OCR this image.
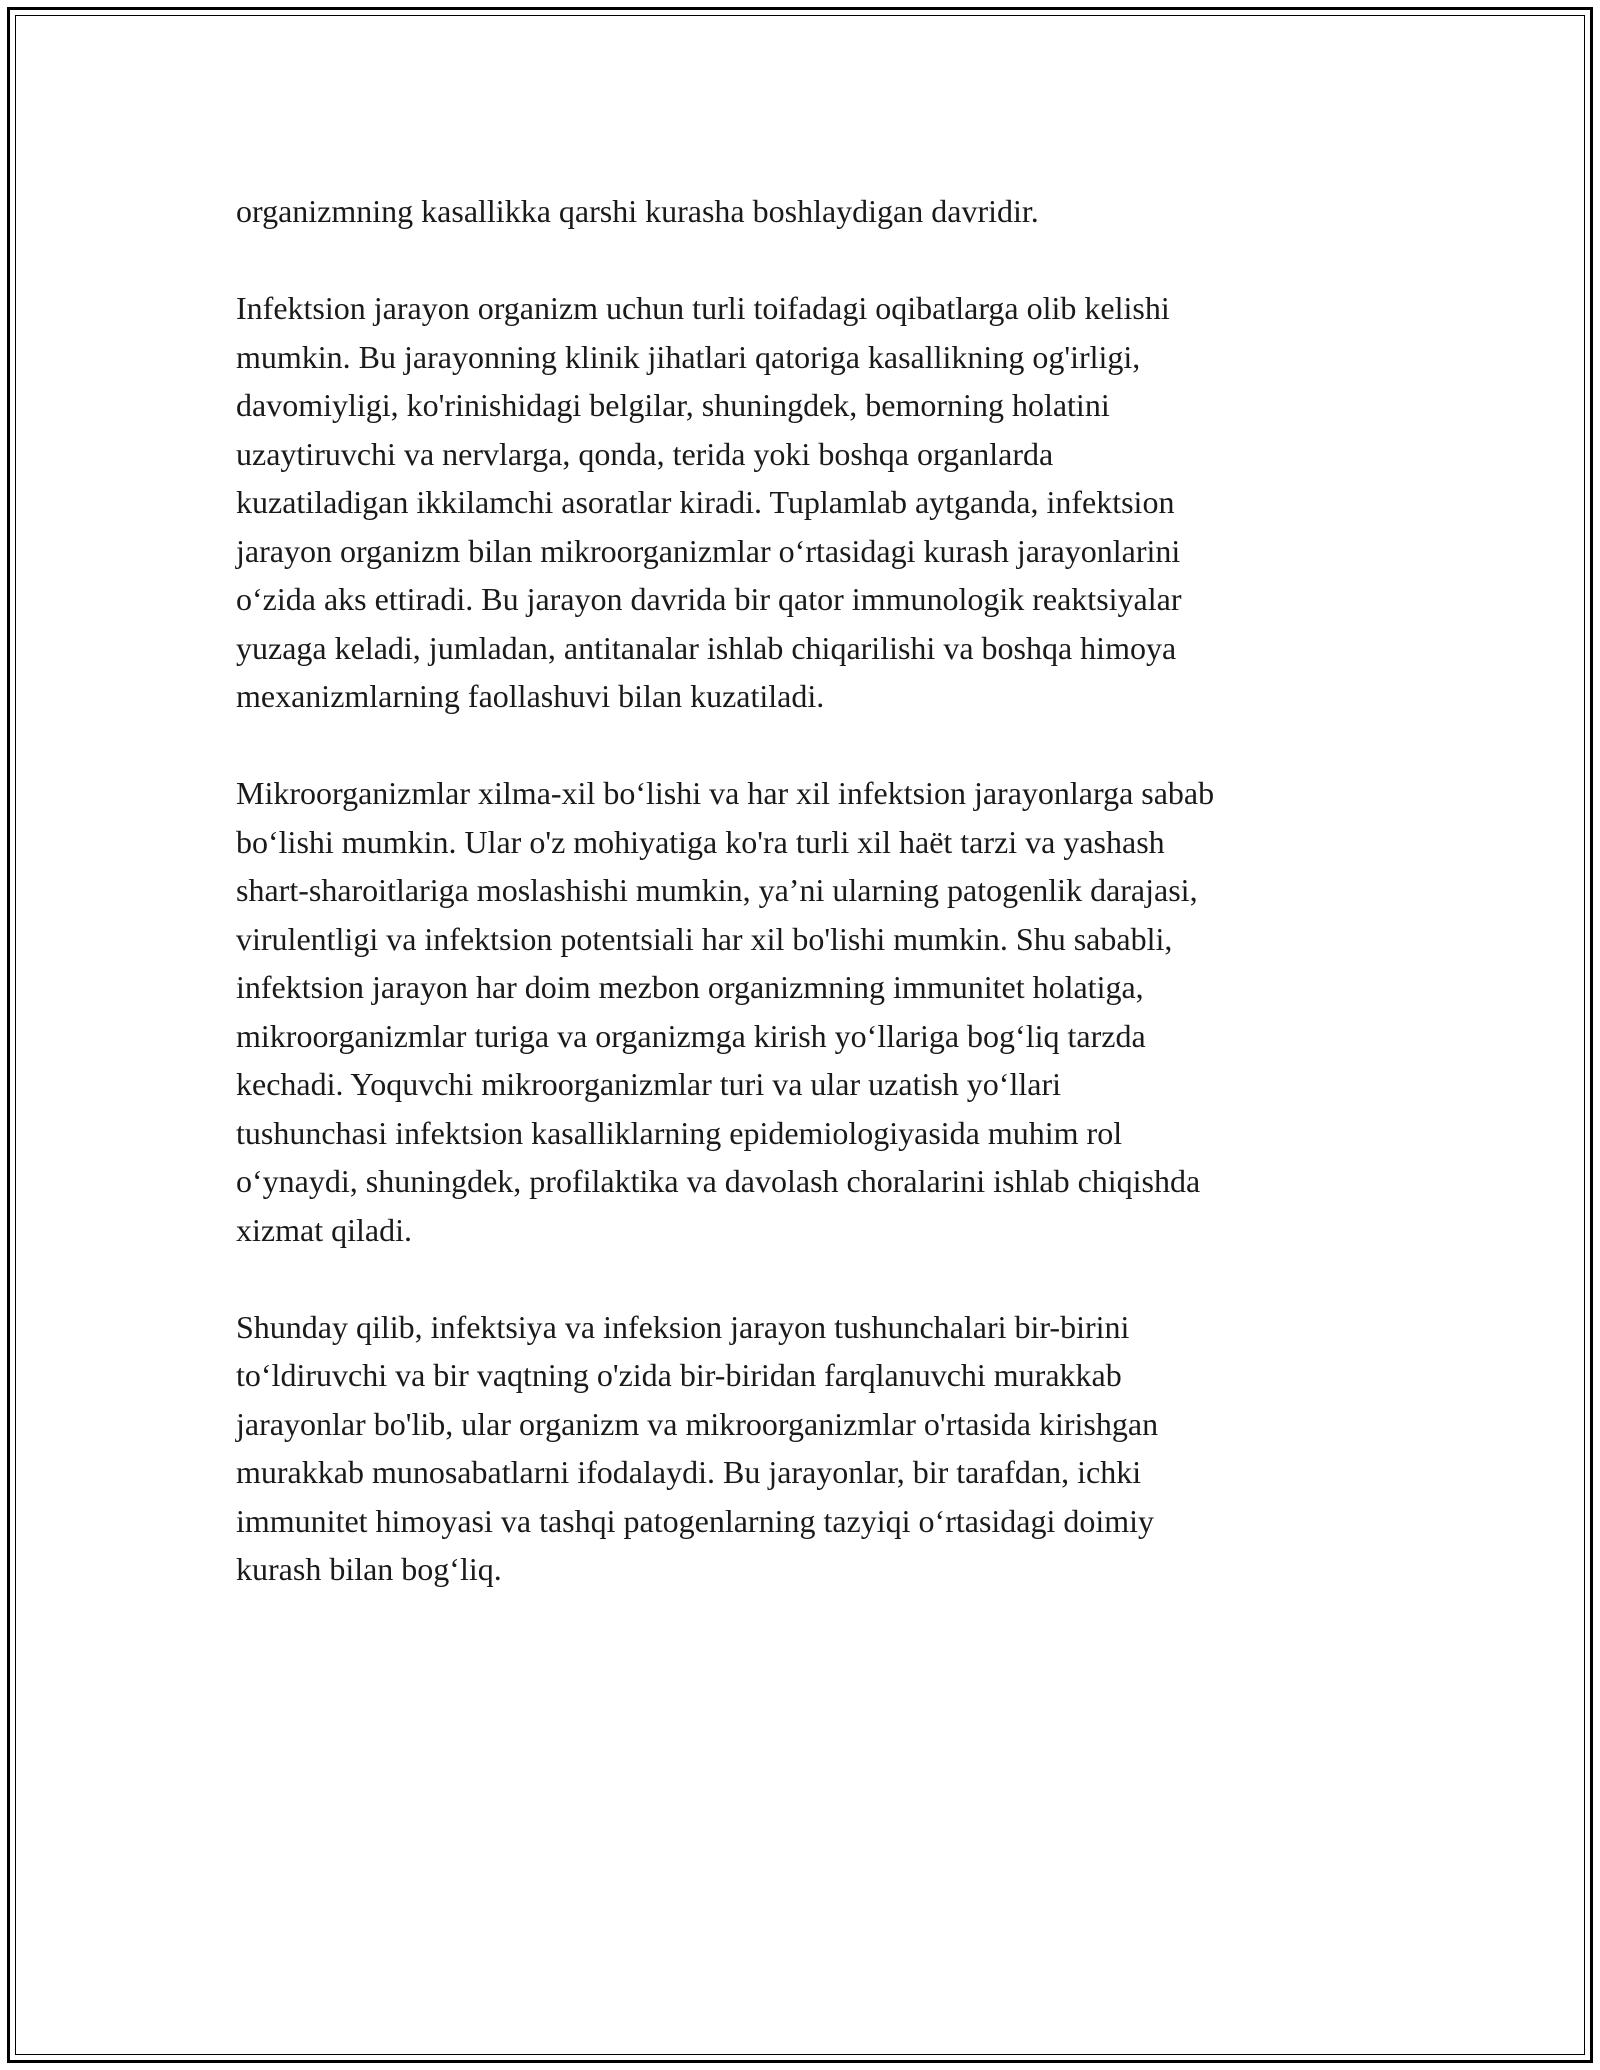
organizmning kasallikka qarshi kurasha boshlaydigan davridir.

Infektsion jarayon organizm uchun turli toifadagi oqibatlarga olib kelishi
mumkin. Bu jarayonning klinik jihatlari qatoriga kasallikning og'irligi,
davomiyligi, ko'rinishidagi belgilar, shuningdek, bemorning holatini
uzaytiruvchi va nervlarga, qonda, terida yoki boshqa organlarda
kuzatiladigan ikkilamchi asoratlar kiradi. Tuplamlab aytganda, infektsion
jarayon organizm bilan mikroorganizmlar o‘rtasidagi kurash jarayonlarini
o‘zida aks ettiradi. Bu jarayon davrida bir qator immunologik reaktsiyalar
yuzaga keladi, jumladan, antitanalar ishlab chiqarilishi va boshqa himoya
mexanizmlarning faollashuvi bilan kuzatiladi.

Mikroorganizmlar xilma-xil bo‘lishi va har xil infektsion jarayonlarga sabab
bo‘lishi mumkin. Ular o'z mohiyatiga ko'ra turli xil haёt tarzi va yashash
shart-sharoitlariga moslashishi mumkin, ya’ni ularning patogenlik darajasi,
virulentligi va infektsion potentsiali har xil bo'lishi mumkin. Shu sababli,
infektsion jarayon har doim mezbon organizmning immunitet holatiga,
mikroorganizmlar turiga va organizmga kirish yo‘llariga bog‘liq tarzda
kechadi. Yoquvchi mikroorganizmlar turi va ular uzatish yo‘llari
tushunchasi infektsion kasalliklarning epidemiologiyasida muhim rol
o‘ynaydi, shuningdek, profilaktika va davolash choralarini ishlab chiqishda
xizmat qiladi.

Shunday qilib, infektsiya va infeksion jarayon tushunchalari bir-birini
to‘ldiruvchi va bir vaqtning o'zida bir-biridan farqlanuvchi murakkab
jarayonlar bo'lib, ular organizm va mikroorganizmlar o'rtasida kirishgan
murakkab munosabatlarni ifodalaydi. Bu jarayonlar, bir tarafdan, ichki
immunitet himoyasi va tashqi patogenlarning tazyiqi o‘rtasidagi doimiy
kurash bilan bog‘liq.
